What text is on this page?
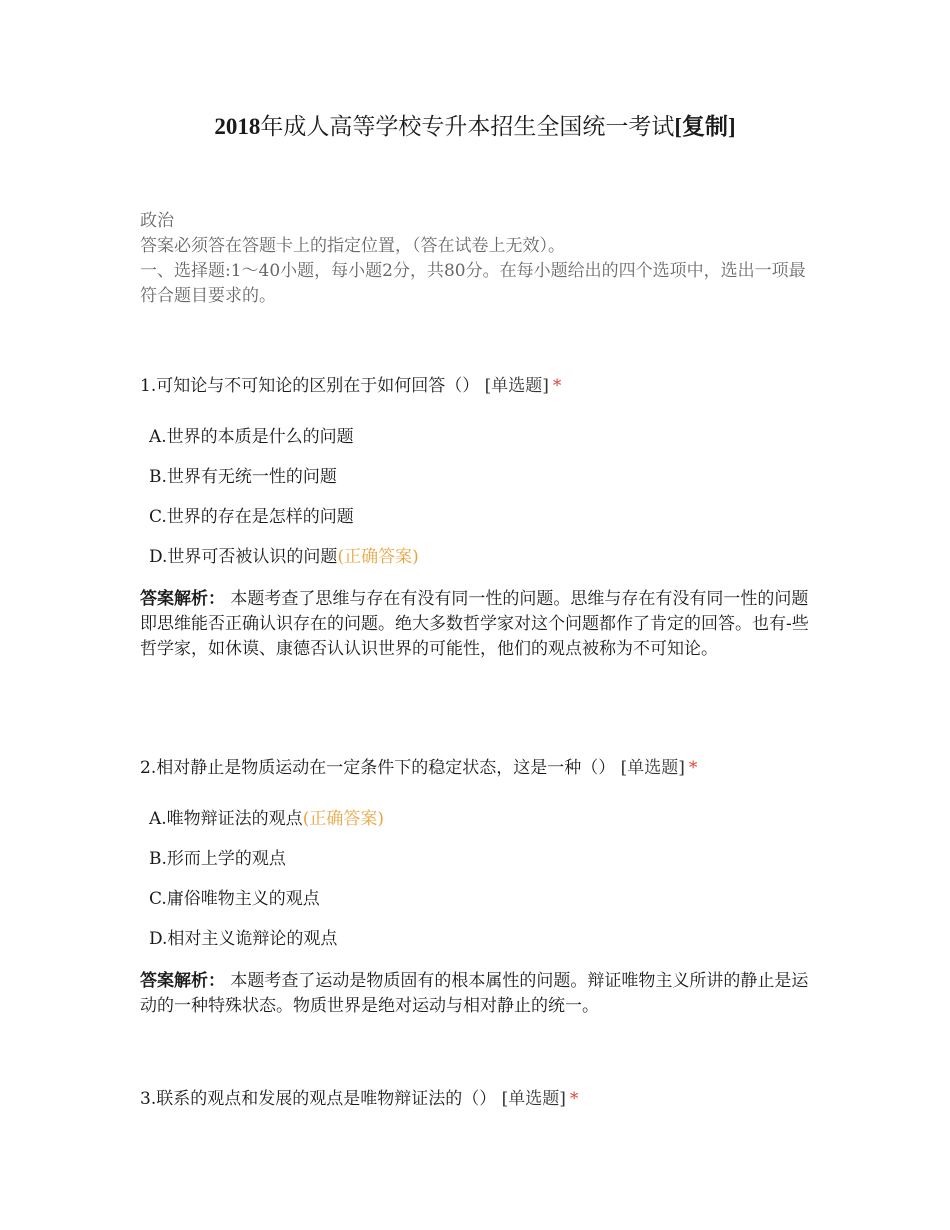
2018年成人高等学校专升本招生全国统一考试[复制]
政治
答案必须答在答题卡上的指定位置，（答在试卷上无效）。
一、选择题:1～40小题，每小题2分，共80分。在每小题给出的四个选项中，选出一项最符合题目要求的。
1.可知论与不可知论的区别在于如何回答（） [单选题] *
A.世界的本质是什么的问题
B.世界有无统一性的问题
C.世界的存在是怎样的问题
D.世界可否被认识的问题(正确答案)
答案解析： 本题考查了思维与存在有没有同一性的问题。思维与存在有没有同一性的问题即思维能否正确认识存在的问题。绝大多数哲学家对这个问题都作了肯定的回答。也有-些哲学家，如休谟、康德否认认识世界的可能性，他们的观点被称为不可知论。
2.相对静止是物质运动在一定条件下的稳定状态，这是一种（） [单选题] *
A.唯物辩证法的观点(正确答案)
B.形而上学的观点
C.庸俗唯物主义的观点
D.相对主义诡辩论的观点
答案解析： 本题考查了运动是物质固有的根本属性的问题。辩证唯物主义所讲的静止是运动的一种特殊状态。物质世界是绝对运动与相对静止的统一。
3.联系的观点和发展的观点是唯物辩证法的（） [单选题] *
